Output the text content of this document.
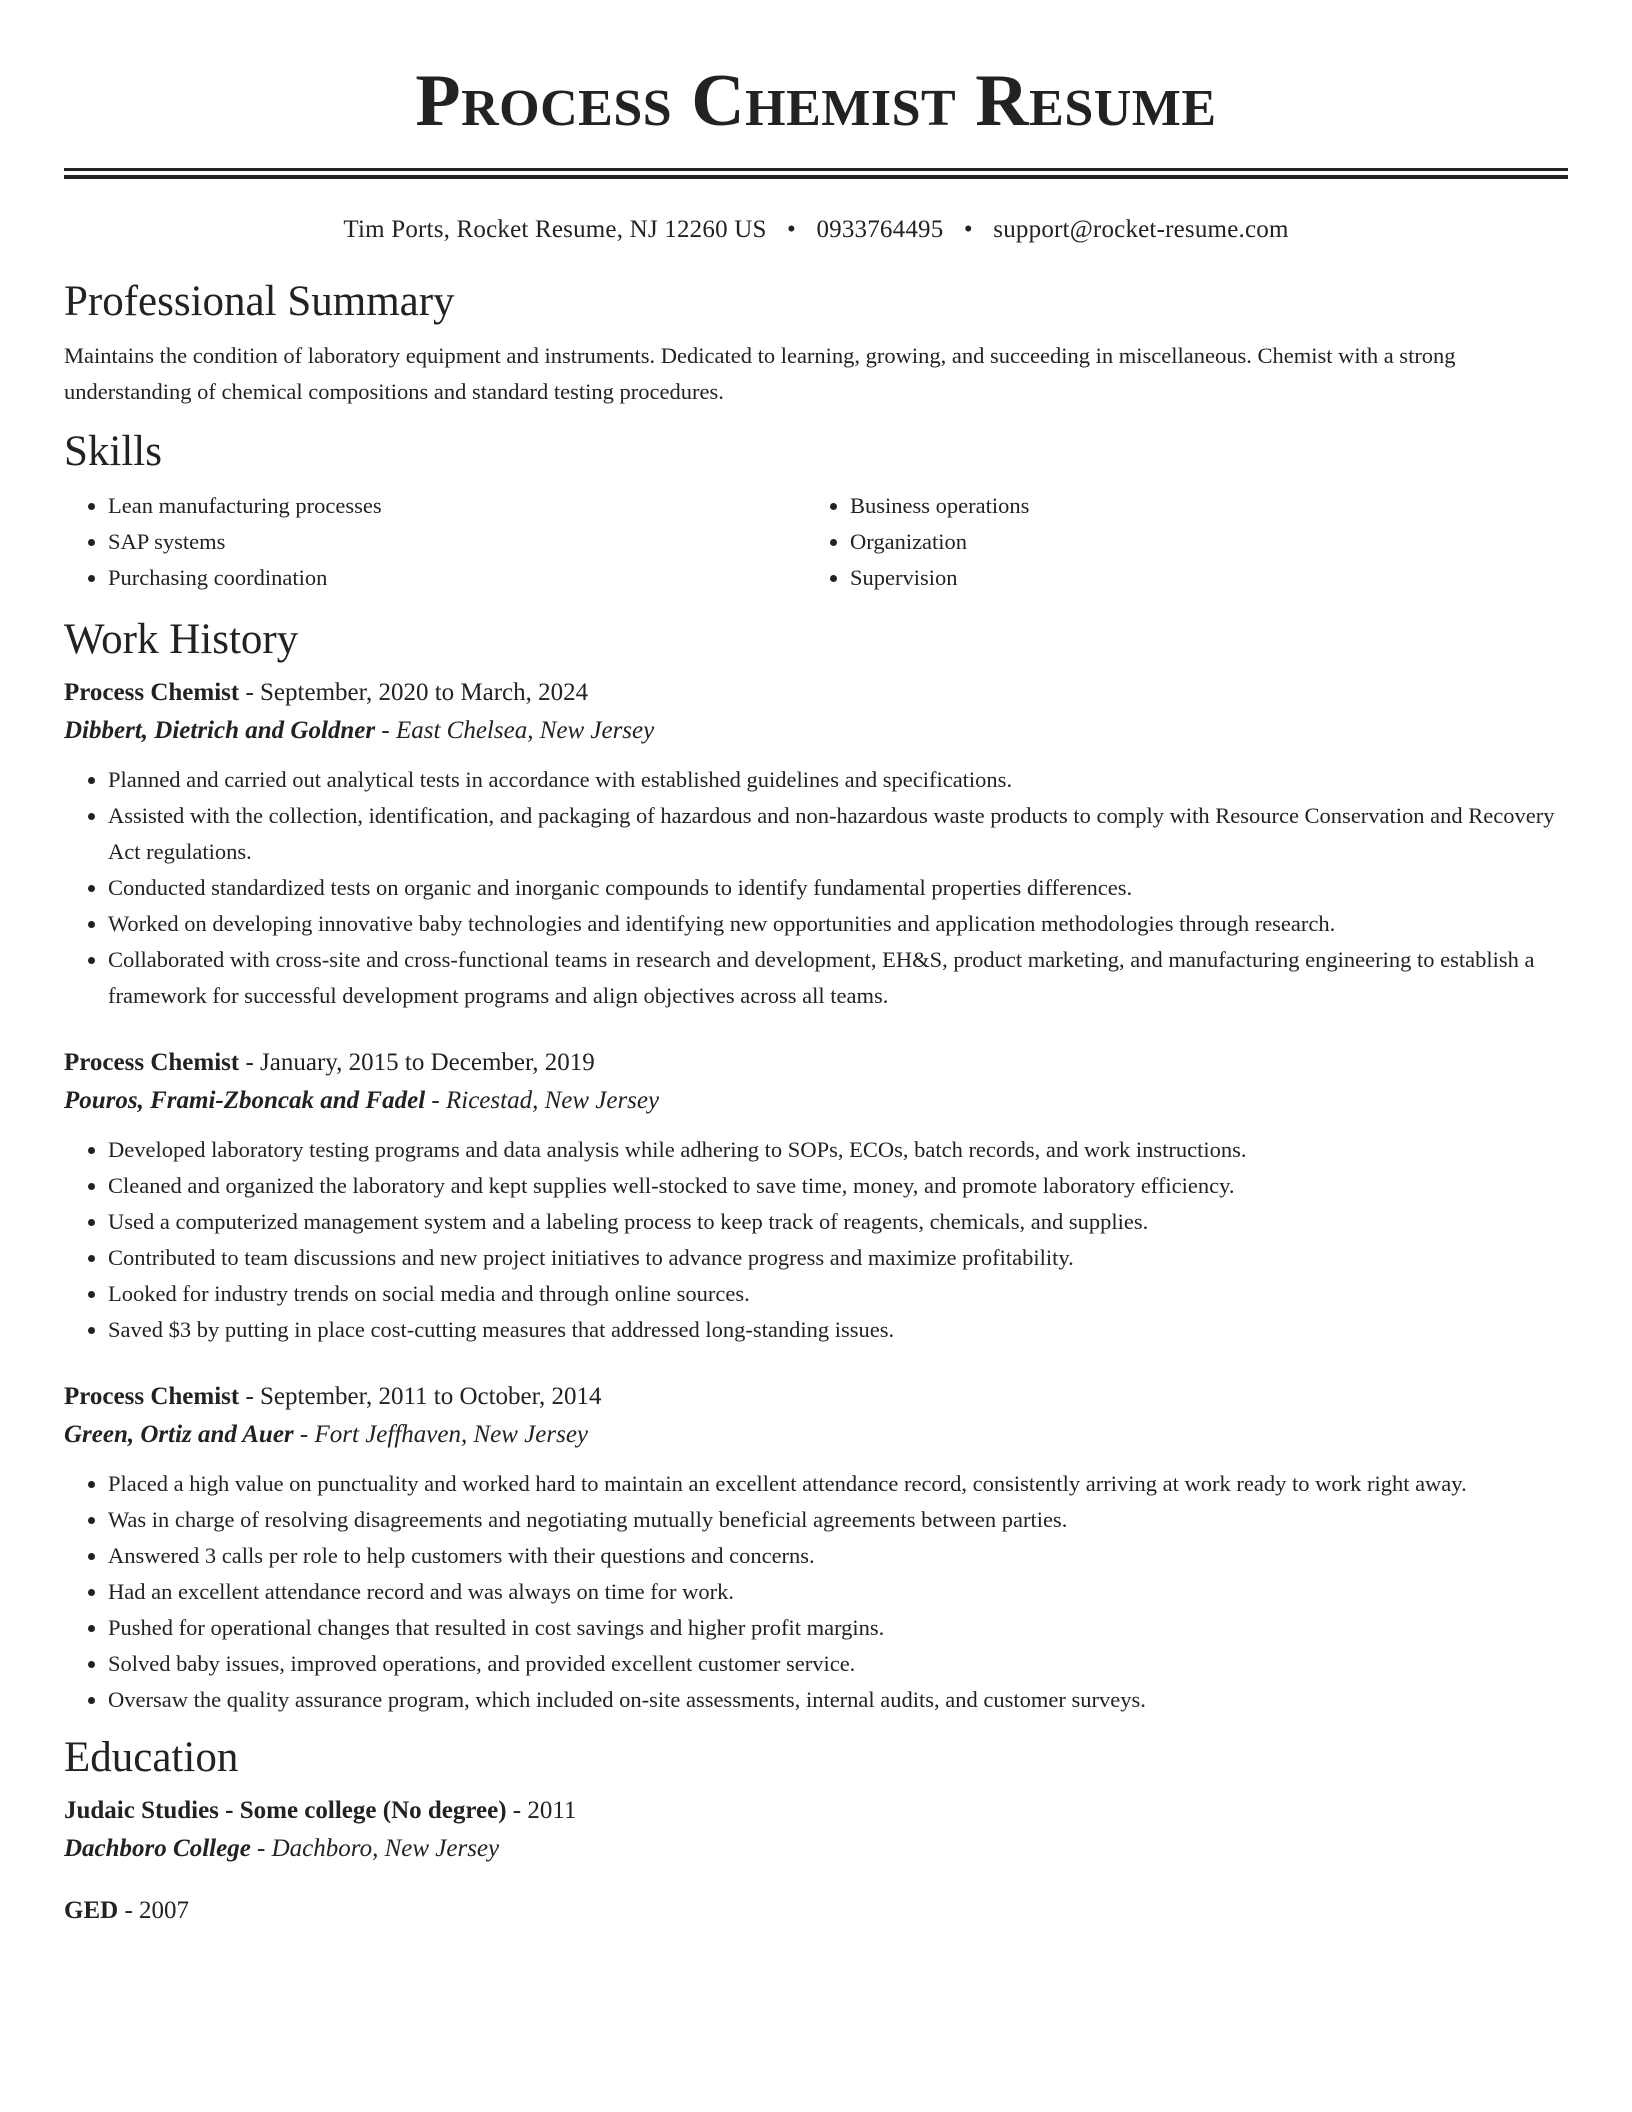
Process Chemist Resume
Tim Ports, Rocket Resume, NJ 12260 US • 0933764495 • support@rocket-resume.com
Professional Summary

Maintains the condition of laboratory equipment and instruments. Dedicated to learning, growing, and succeeding in miscellaneous. Chemist with a strong understanding of chemical compositions and standard testing procedures.

Skills
• Lean manufacturing processes
• SAP systems
• Purchasing coordination
• Business operations
• Organization
• Supervision
Work History
Process Chemist - September, 2020 to March, 2024
Dibbert, Dietrich and Goldner - East Chelsea, New Jersey
• Planned and carried out analytical tests in accordance with established guidelines and specifications.
• Assisted with the collection, identification, and packaging of hazardous and non-hazardous waste products to comply with Resource Conservation and Recovery Act regulations.
• Conducted standardized tests on organic and inorganic compounds to identify fundamental properties differences.
• Worked on developing innovative baby technologies and identifying new opportunities and application methodologies through research.
• Collaborated with cross-site and cross-functional teams in research and development, EH&S, product marketing, and manufacturing engineering to establish a framework for successful development programs and align objectives across all teams.
Process Chemist - January, 2015 to December, 2019
Pouros, Frami-Zboncak and Fadel - Ricestad, New Jersey
• Developed laboratory testing programs and data analysis while adhering to SOPs, ECOs, batch records, and work instructions.
• Cleaned and organized the laboratory and kept supplies well-stocked to save time, money, and promote laboratory efficiency.
• Used a computerized management system and a labeling process to keep track of reagents, chemicals, and supplies.
• Contributed to team discussions and new project initiatives to advance progress and maximize profitability.
• Looked for industry trends on social media and through online sources.
• Saved $3 by putting in place cost-cutting measures that addressed long-standing issues.
Process Chemist - September, 2011 to October, 2014
Green, Ortiz and Auer - Fort Jeffhaven, New Jersey
• Placed a high value on punctuality and worked hard to maintain an excellent attendance record, consistently arriving at work ready to work right away.
• Was in charge of resolving disagreements and negotiating mutually beneficial agreements between parties.
• Answered 3 calls per role to help customers with their questions and concerns.
• Had an excellent attendance record and was always on time for work.
• Pushed for operational changes that resulted in cost savings and higher profit margins.
• Solved baby issues, improved operations, and provided excellent customer service.
• Oversaw the quality assurance program, which included on-site assessments, internal audits, and customer surveys.
Education
Judaic Studies - Some college (No degree) - 2011
Dachboro College - Dachboro, New Jersey
GED - 2007
